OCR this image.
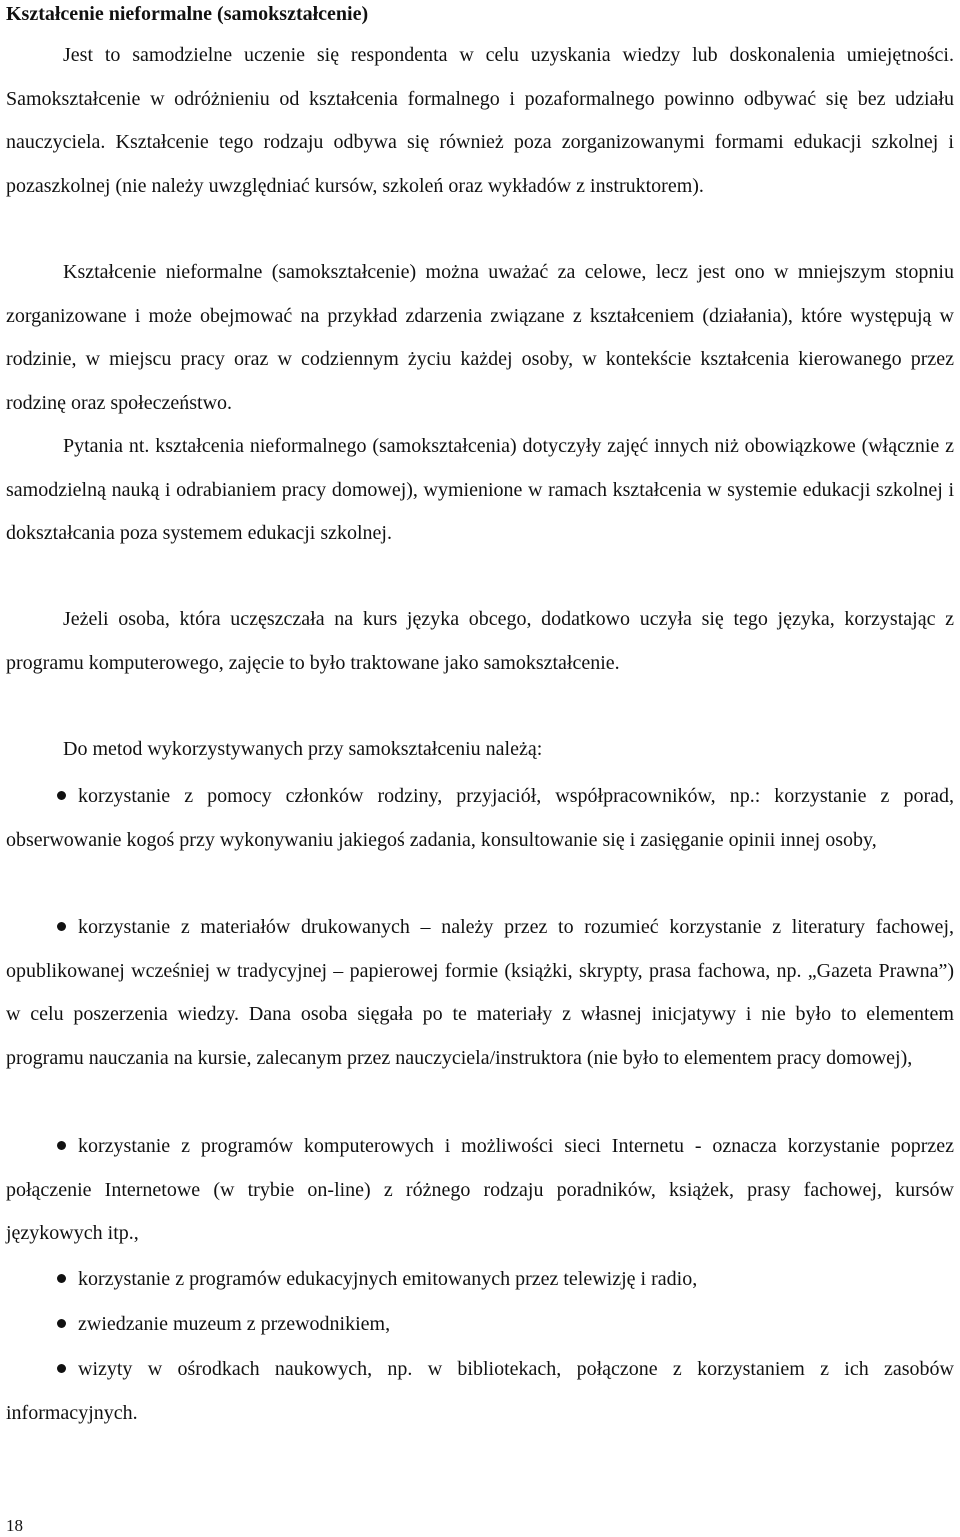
Kształcenie nieformalne (samokształcenie)

Jest to samodzielne uczenie się respondenta w celu uzyskania wiedzy lub doskonalenia umiejętności. Samokształcenie w odróżnieniu od kształcenia formalnego i pozaformalnego powinno odbywać się bez udziału nauczyciela. Kształcenie tego rodzaju odbywa się również poza zorganizowanymi formami edukacji szkolnej i pozaszkolnej (nie należy uwzględniać kursów, szkoleń oraz wykładów z instruktorem).

Kształcenie nieformalne (samokształcenie) można uważać za celowe, lecz jest ono w mniejszym stopniu zorganizowane i może obejmować na przykład zdarzenia związane z kształceniem (działania), które występują w rodzinie, w miejscu pracy oraz w codziennym życiu każdej osoby, w kontekście kształcenia kierowanego przez rodzinę oraz społeczeństwo.

Pytania nt. kształcenia nieformalnego (samokształcenia) dotyczyły zajęć innych niż obowiązkowe (włącznie z samodzielną nauką i odrabianiem pracy domowej), wymienione w ramach kształcenia w systemie edukacji szkolnej i dokształcania poza systemem edukacji szkolnej.

Jeżeli osoba, która uczęszczała na kurs języka obcego, dodatkowo uczyła się tego języka, korzystając z programu komputerowego, zajęcie to było traktowane jako samokształcenie.

Do metod wykorzystywanych przy samokształceniu należą:

korzystanie z pomocy członków rodziny, przyjaciół, współpracowników, np.: korzystanie z porad, obserwowanie kogoś przy wykonywaniu jakiegoś zadania, konsultowanie się i zasięganie opinii innej osoby,

korzystanie z materiałów drukowanych – należy przez to rozumieć korzystanie z literatury fachowej, opublikowanej wcześniej w tradycyjnej – papierowej formie (książki, skrypty, prasa fachowa, np. „Gazeta Prawna”) w celu poszerzenia wiedzy. Dana osoba sięgała po te materiały z własnej inicjatywy i nie było to elementem programu nauczania na kursie, zalecanym przez nauczyciela/instruktora (nie było to elementem pracy domowej),

korzystanie z programów komputerowych i możliwości sieci Internetu - oznacza korzystanie poprzez połączenie Internetowe (w trybie on-line) z różnego rodzaju poradników, książek, prasy fachowej, kursów językowych itp.,

korzystanie z programów edukacyjnych emitowanych przez telewizję i radio,

zwiedzanie muzeum z przewodnikiem,

wizyty w ośrodkach naukowych, np. w bibliotekach, połączone z korzystaniem z ich zasobów informacyjnych.

18
